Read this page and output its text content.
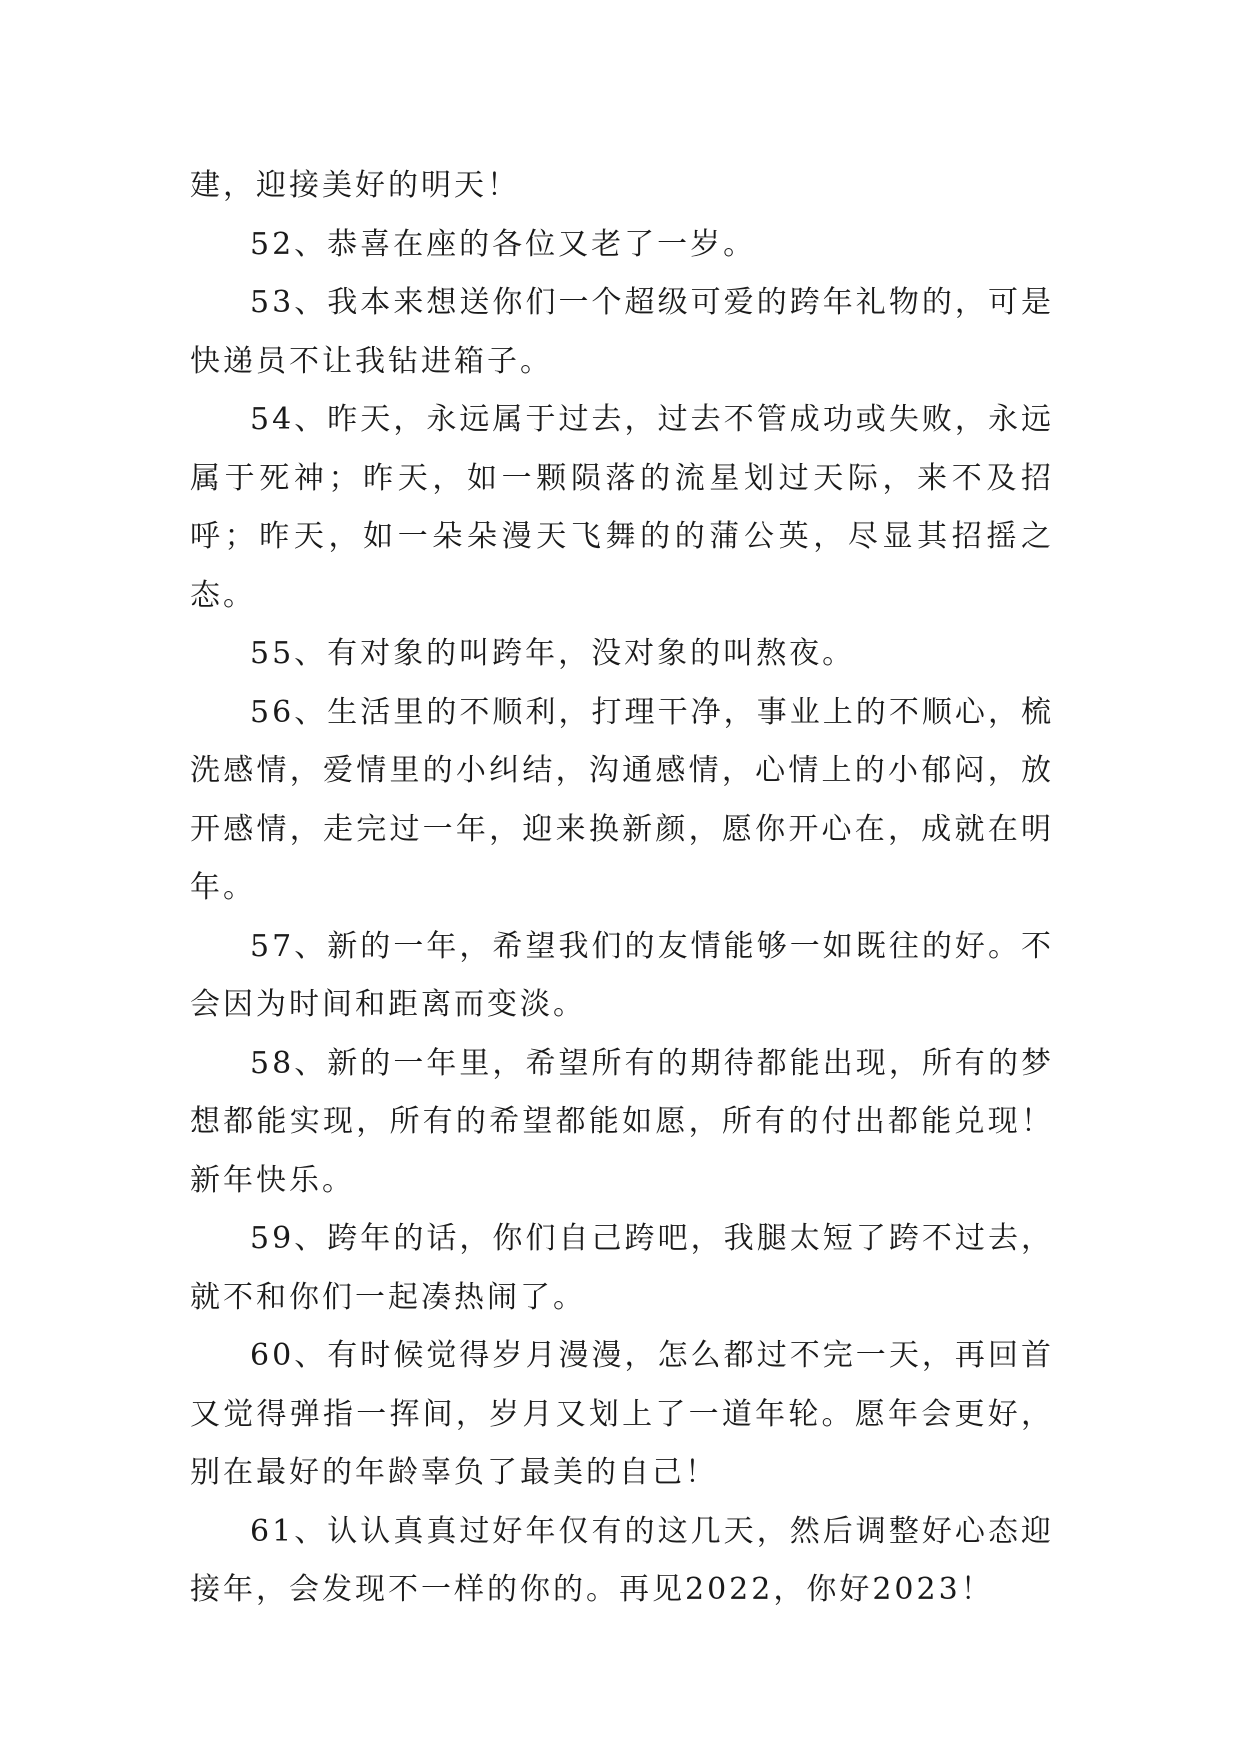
建，迎接美好的明天！

52、恭喜在座的各位又老了一岁。

53、我本来想送你们一个超级可爱的跨年礼物的，可是快递员不让我钻进箱子。

54、昨天，永远属于过去，过去不管成功或失败，永远属于死神；昨天，如一颗陨落的流星划过天际，来不及招呼；昨天，如一朵朵漫天飞舞的的蒲公英，尽显其招摇之态。

55、有对象的叫跨年，没对象的叫熬夜。

56、生活里的不顺利，打理干净，事业上的不顺心，梳洗感情，爱情里的小纠结，沟通感情，心情上的小郁闷，放开感情，走完过一年，迎来换新颜，愿你开心在，成就在明年。

57、新的一年，希望我们的友情能够一如既往的好。不会因为时间和距离而变淡。

58、新的一年里，希望所有的期待都能出现，所有的梦想都能实现，所有的希望都能如愿，所有的付出都能兑现！新年快乐。

59、跨年的话，你们自己跨吧，我腿太短了跨不过去，就不和你们一起凑热闹了。

60、有时候觉得岁月漫漫，怎么都过不完一天，再回首又觉得弹指一挥间，岁月又划上了一道年轮。愿年会更好，别在最好的年龄辜负了最美的自己！

61、认认真真过好年仅有的这几天，然后调整好心态迎接年，会发现不一样的你的。再见2022，你好2023！
